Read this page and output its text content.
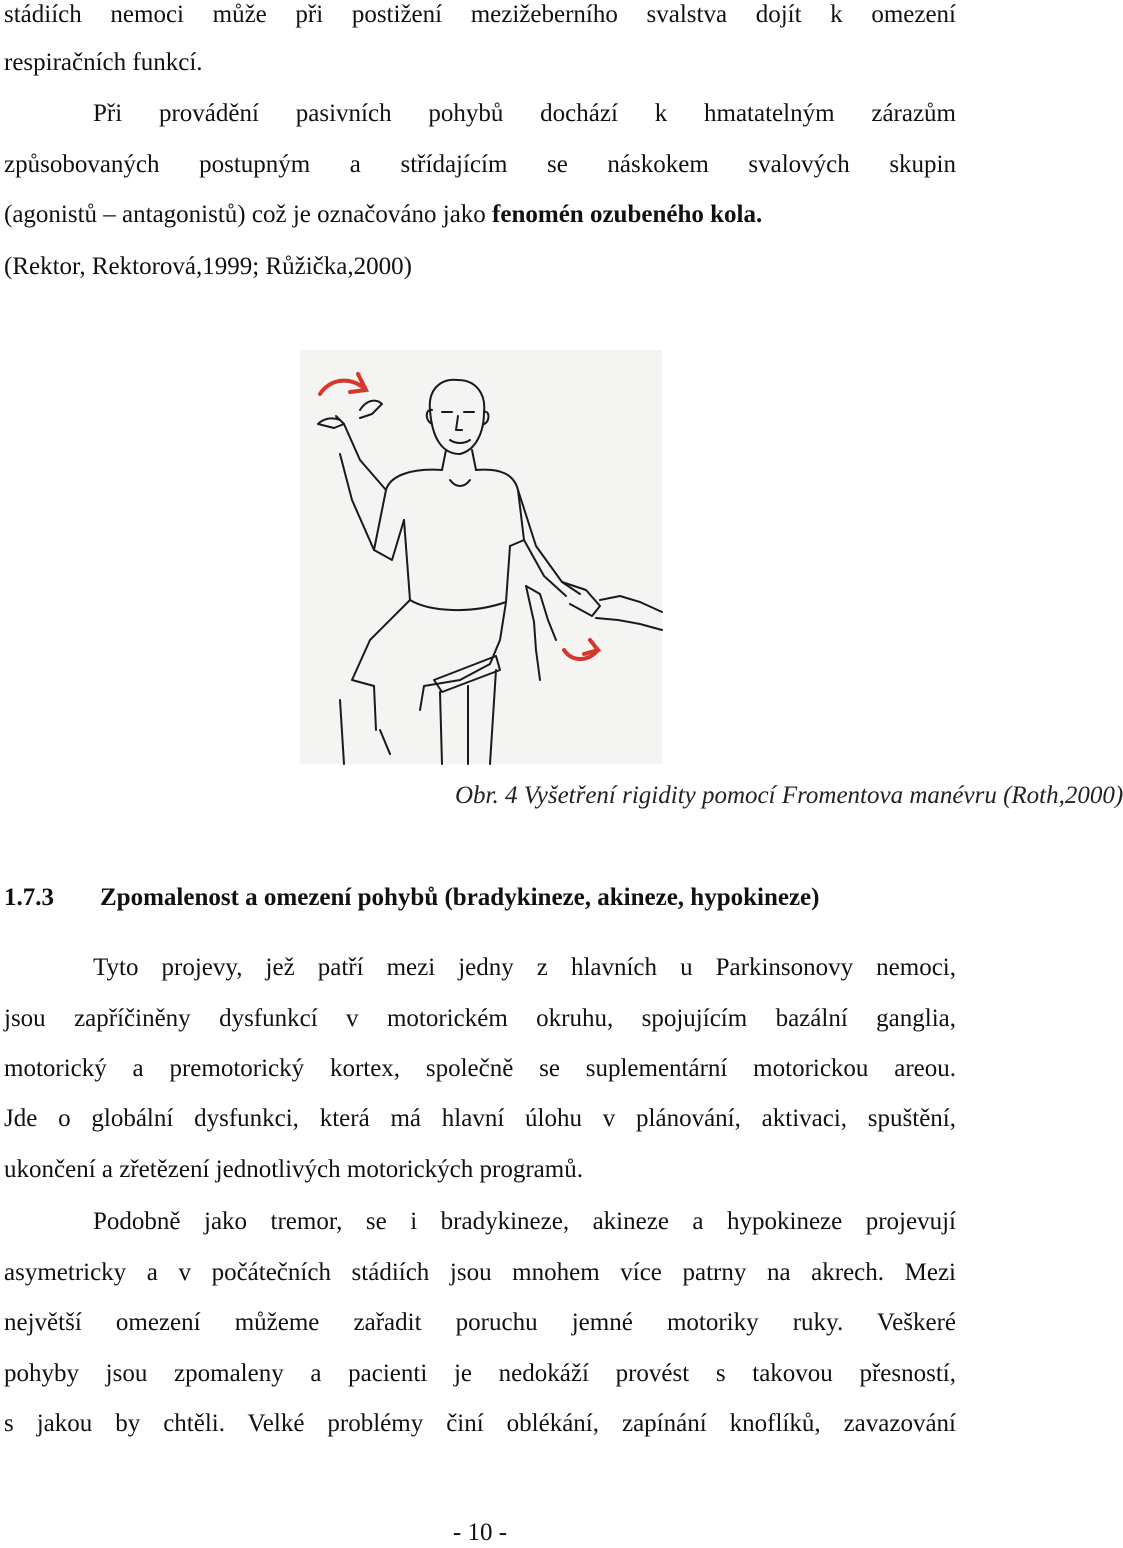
stádiích nemoci může při postižení mezižeberního svalstva dojít k omezení
respiračních funkcí.
Při provádění pasivních pohybů dochází k hmatatelným zárazům
způsobovaných postupným a střídajícím se náskokem svalových skupin
(agonistů – antagonistů) což je označováno jako fenomén ozubeného kola.
(Rektor, Rektorová,1999; Růžička,2000)
Obr. 4 Vyšetření rigidity pomocí Fromentova manévru (Roth,2000)
1.7.3 Zpomalenost a omezení pohybů (bradykineze, akineze, hypokineze)
Tyto projevy, jež patří mezi jedny z hlavních u Parkinsonovy nemoci,
jsou zapříčiněny dysfunkcí v motorickém okruhu, spojujícím bazální ganglia,
motorický a premotorický kortex, společně se suplementární motorickou areou.
Jde o globální dysfunkci, která má hlavní úlohu v plánování, aktivaci, spuštění,
ukončení a zřetězení jednotlivých motorických programů.
Podobně jako tremor, se i bradykineze, akineze a hypokineze projevují
asymetricky a v počátečních stádiích jsou mnohem více patrny na akrech. Mezi
největší omezení můžeme zařadit poruchu jemné motoriky ruky. Veškeré
pohyby jsou zpomaleny a pacienti je nedokáží provést s takovou přesností,
s jakou by chtěli. Velké problémy činí oblékání, zapínání knoflíků, zavazování
- 10 -
